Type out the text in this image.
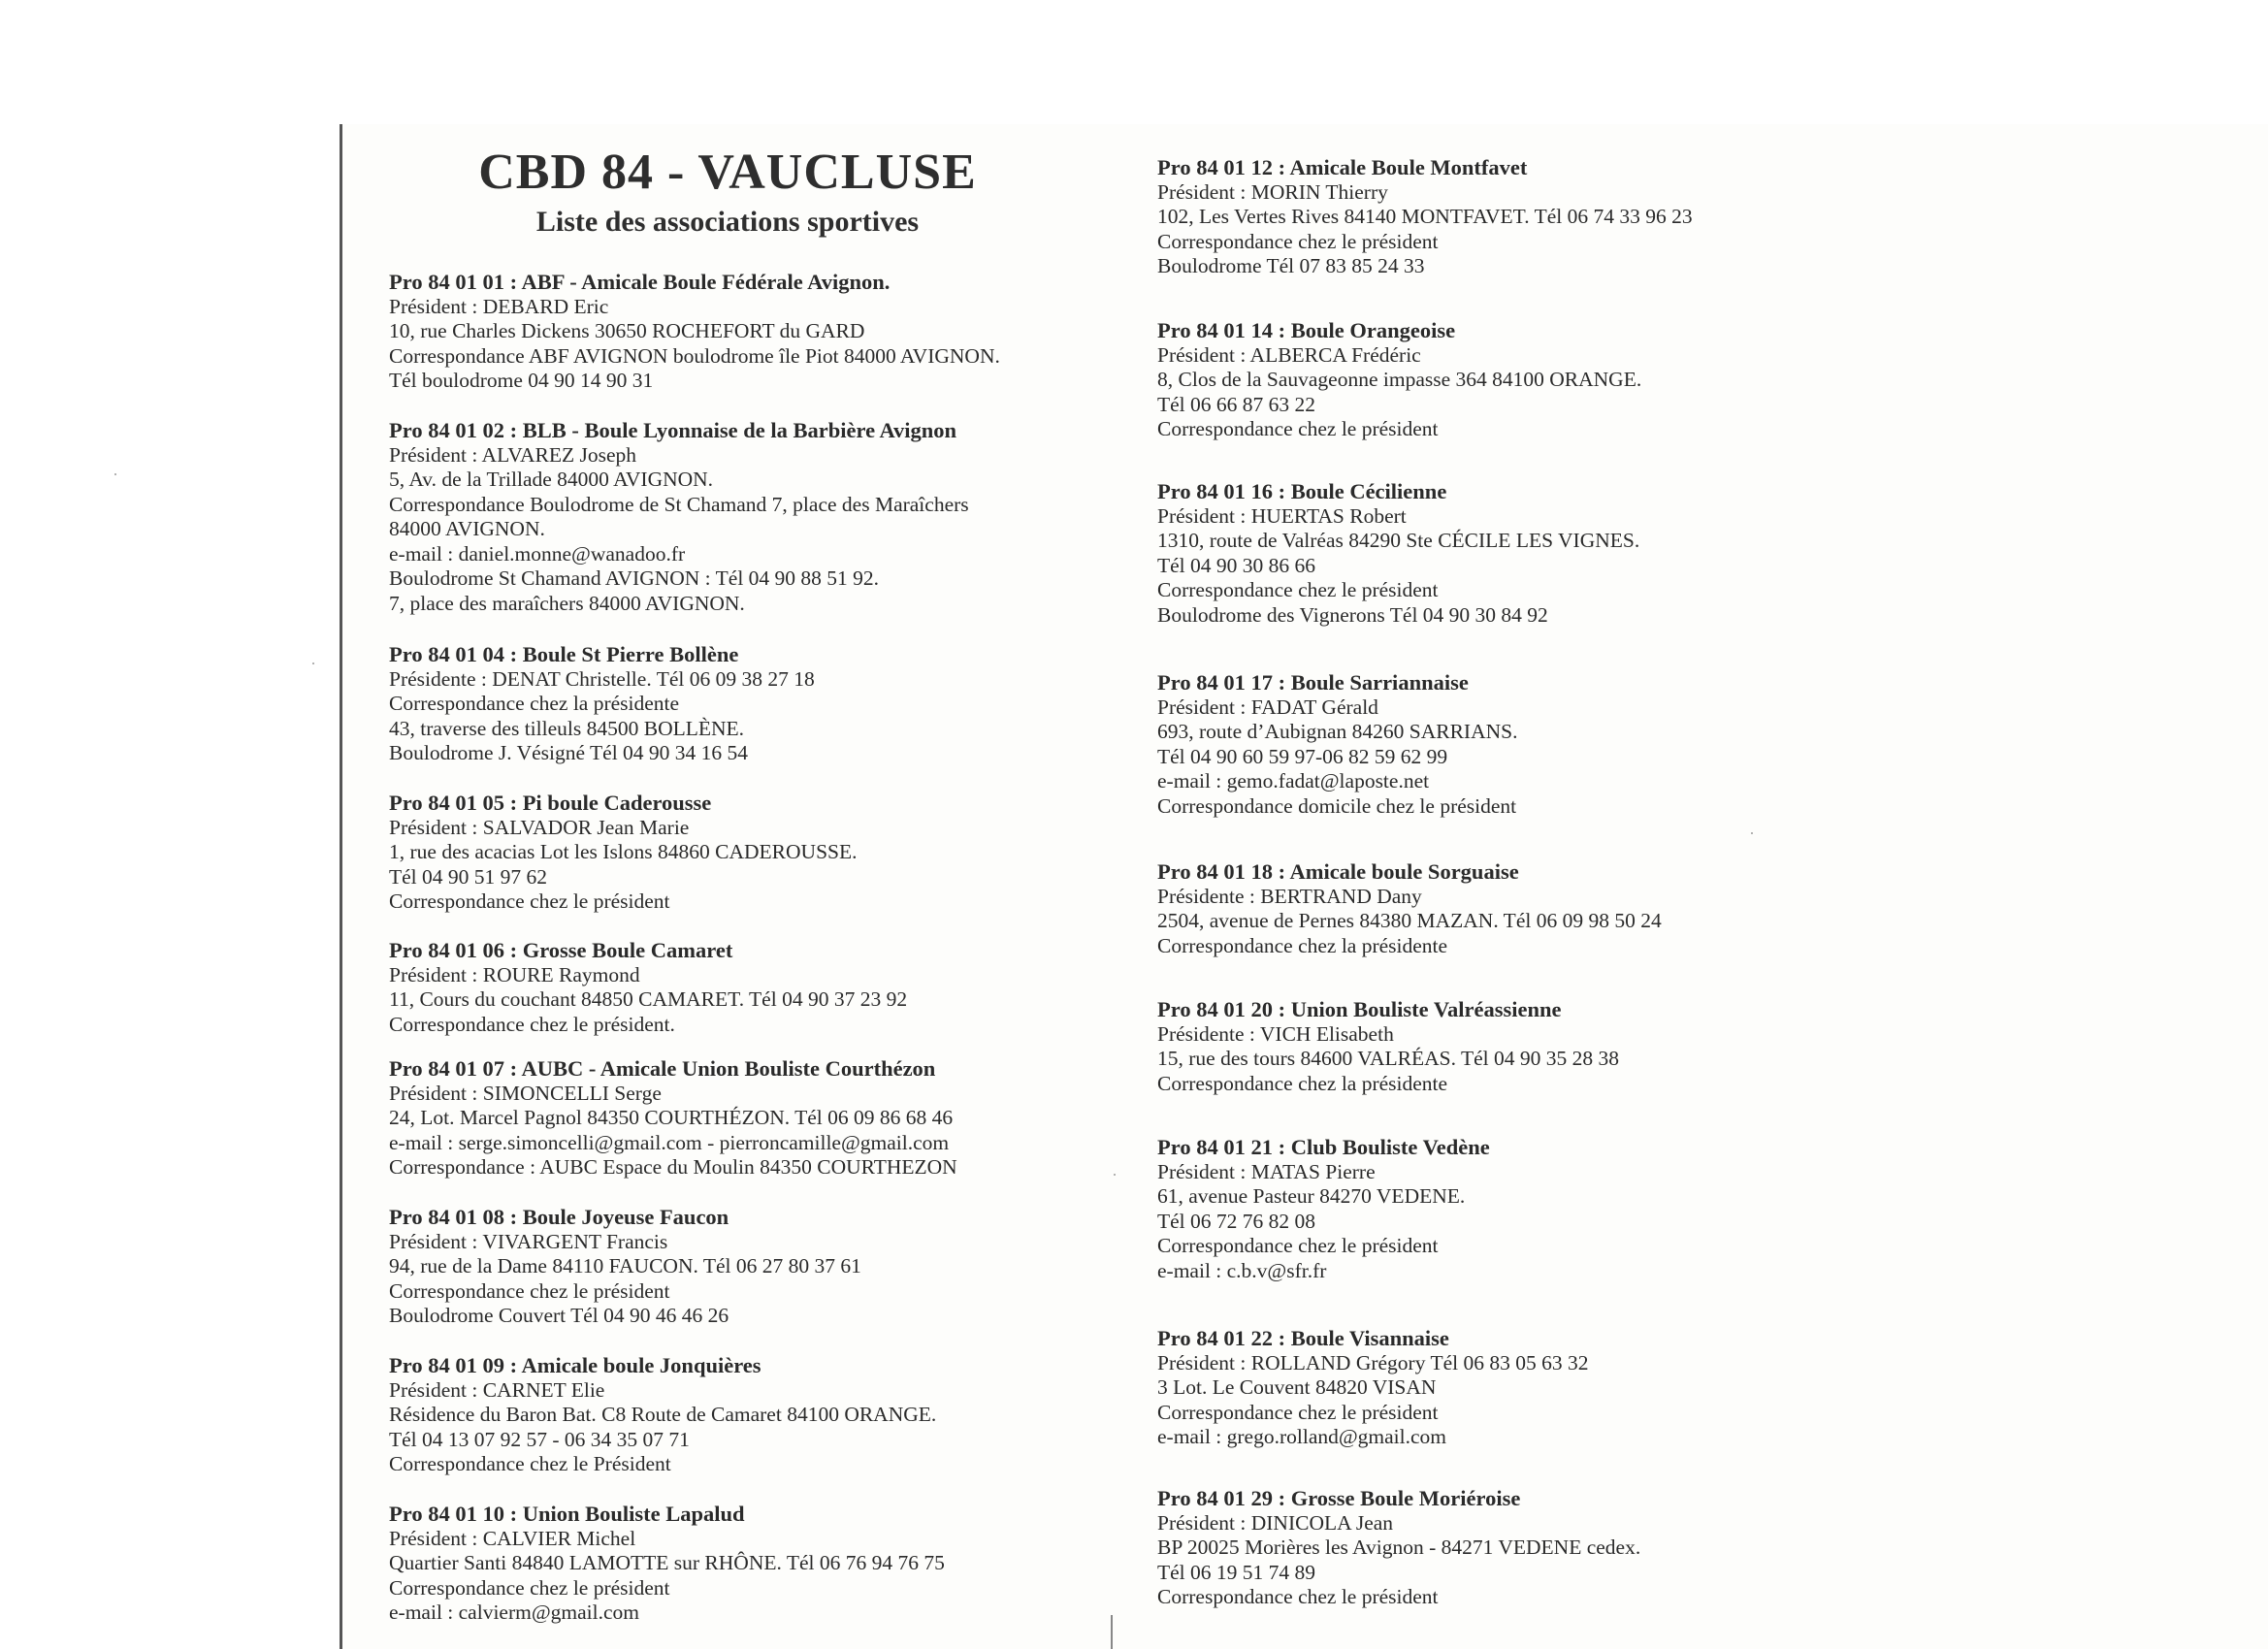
CBD 84 - VAUCLUSE
Liste des associations sportives
Pro 84 01 01 : ABF - Amicale Boule Fédérale Avignon.
Président : DEBARD Eric
10, rue Charles Dickens 30650 ROCHEFORT du GARD
Correspondance ABF AVIGNON boulodrome île Piot 84000 AVIGNON.
Tél boulodrome 04 90 14 90 31
Pro 84 01 02 : BLB - Boule Lyonnaise de la Barbière Avignon
Président : ALVAREZ Joseph
5, Av. de la Trillade 84000 AVIGNON.
Correspondance Boulodrome de St Chamand 7, place des Maraîchers
84000 AVIGNON.
e-mail : daniel.monne@wanadoo.fr
Boulodrome St Chamand AVIGNON : Tél 04 90 88 51 92.
7, place des maraîchers 84000 AVIGNON.
Pro 84 01 04 : Boule St Pierre Bollène
Présidente : DENAT Christelle. Tél 06 09 38 27 18
Correspondance chez la présidente
43, traverse des tilleuls 84500 BOLLÈNE.
Boulodrome J. Vésigné Tél 04 90 34 16 54
Pro 84 01 05 : Pi boule Caderousse
Président : SALVADOR Jean Marie
1, rue des acacias Lot les Islons 84860 CADEROUSSE.
Tél 04 90 51 97 62
Correspondance chez le président
Pro 84 01 06 : Grosse Boule Camaret
Président : ROURE Raymond
11, Cours du couchant 84850 CAMARET. Tél 04 90 37 23 92
Correspondance chez le président.
Pro 84 01 07 : AUBC - Amicale Union Bouliste Courthézon
Président : SIMONCELLI Serge
24, Lot. Marcel Pagnol 84350 COURTHÉZON. Tél 06 09 86 68 46
e-mail : serge.simoncelli@gmail.com - pierroncamille@gmail.com
Correspondance : AUBC Espace du Moulin 84350 COURTHEZON
Pro 84 01 08 : Boule Joyeuse Faucon
Président : VIVARGENT Francis
94, rue de la Dame 84110 FAUCON. Tél 06 27 80 37 61
Correspondance chez le président
Boulodrome Couvert Tél 04 90 46 46 26
Pro 84 01 09 : Amicale boule Jonquières
Président : CARNET Elie
Résidence du Baron Bat. C8 Route de Camaret 84100 ORANGE.
Tél 04 13 07 92 57 - 06 34 35 07 71
Correspondance chez le Président
Pro 84 01 10 : Union Bouliste Lapalud
Président : CALVIER Michel
Quartier Santi 84840 LAMOTTE sur RHÔNE. Tél 06 76 94 76 75
Correspondance chez le président
e-mail : calvierm@gmail.com
Pro 84 01 12 : Amicale Boule Montfavet
Président : MORIN Thierry
102, Les Vertes Rives 84140 MONTFAVET. Tél 06 74 33 96 23
Correspondance chez le président
Boulodrome Tél 07 83 85 24 33
Pro 84 01 14 : Boule Orangeoise
Président : ALBERCA Frédéric
8, Clos de la Sauvageonne impasse 364 84100 ORANGE.
Tél 06 66 87 63 22
Correspondance chez le président
Pro 84 01 16 : Boule Cécilienne
Président : HUERTAS Robert
1310, route de Valréas 84290 Ste CÉCILE LES VIGNES.
Tél 04 90 30 86 66
Correspondance chez le président
Boulodrome des Vignerons Tél 04 90 30 84 92
Pro 84 01 17 : Boule Sarriannaise
Président : FADAT Gérald
693, route d’Aubignan 84260 SARRIANS.
Tél 04 90 60 59 97-06 82 59 62 99
e-mail : gemo.fadat@laposte.net
Correspondance domicile chez le président
Pro 84 01 18 : Amicale boule Sorguaise
Présidente : BERTRAND Dany
2504, avenue de Pernes 84380 MAZAN. Tél 06 09 98 50 24
Correspondance chez la présidente
Pro 84 01 20 : Union Bouliste Valréassienne
Présidente : VICH Elisabeth
15, rue des tours 84600 VALRÉAS. Tél 04 90 35 28 38
Correspondance chez la présidente
Pro 84 01 21 : Club Bouliste Vedène
Président : MATAS Pierre
61, avenue Pasteur 84270 VEDENE.
Tél 06 72 76 82 08
Correspondance chez le président
e-mail : c.b.v@sfr.fr
Pro 84 01 22 : Boule Visannaise
Président : ROLLAND Grégory Tél 06 83 05 63 32
3 Lot. Le Couvent 84820 VISAN
Correspondance chez le président
e-mail : grego.rolland@gmail.com
Pro 84 01 29 : Grosse Boule Moriéroise
Président : DINICOLA Jean
BP 20025 Morières les Avignon - 84271 VEDENE cedex.
Tél 06 19 51 74 89
Correspondance chez le président
